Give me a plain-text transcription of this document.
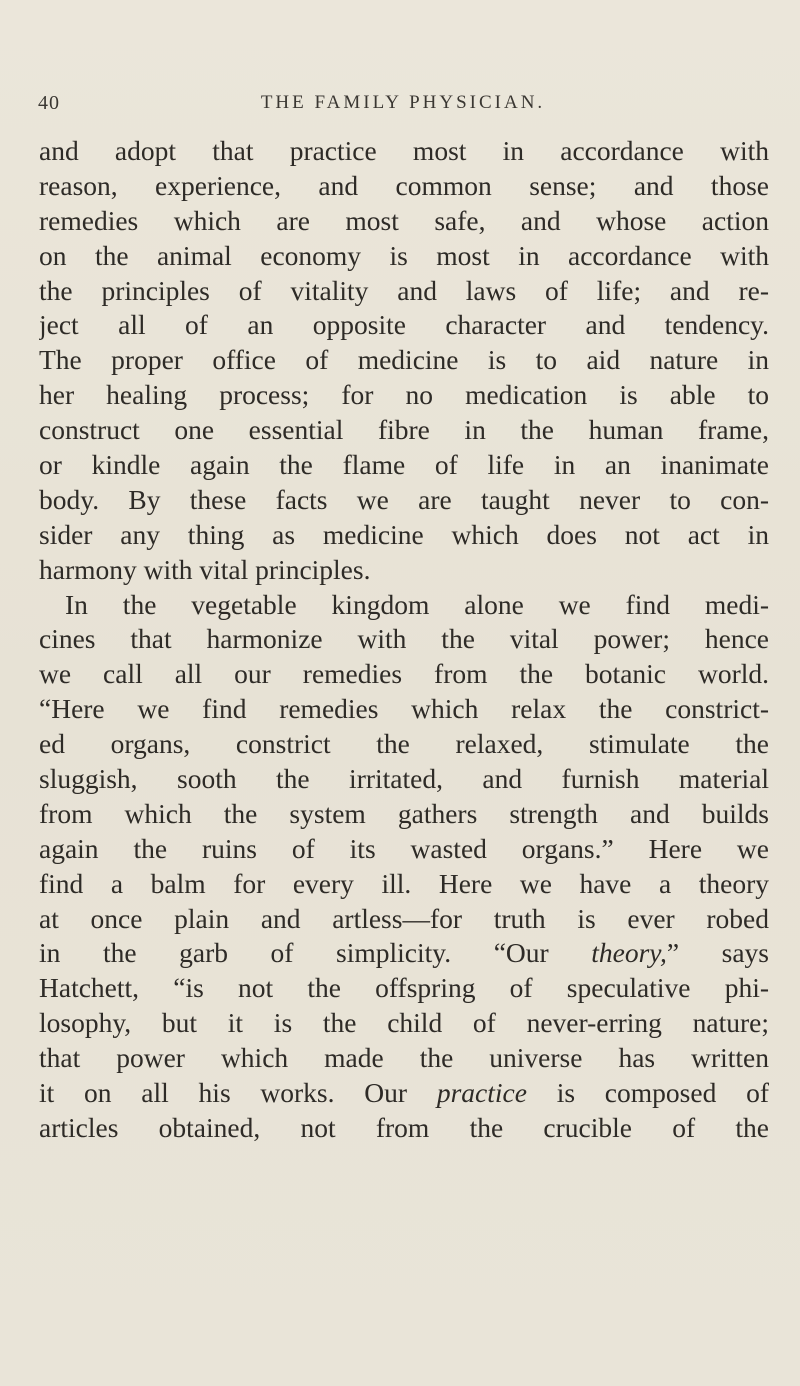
40	THE FAMILY PHYSICIAN.
and adopt that practice most in accordance with
reason, experience, and common sense; and those
remedies which are most safe, and whose action
on the animal economy is most in accordance with
the principles of vitality and laws of life; and re-
ject all of an opposite character and tendency.
The proper office of medicine is to aid nature in
her healing process; for no medication is able to
construct one essential fibre in the human frame,
or kindle again the flame of life in an inanimate
body. By these facts we are taught never to con-
sider any thing as medicine which does not act in
harmony with vital principles.
In the vegetable kingdom alone we find medi-
cines that harmonize with the vital power; hence
we call all our remedies from the botanic world.
“Here we find remedies which relax the constrict-
ed organs, constrict the relaxed, stimulate the
sluggish, sooth the irritated, and furnish material
from which the system gathers strength and builds
again the ruins of its wasted organs.” Here we
find a balm for every ill. Here we have a theory
at once plain and artless—for truth is ever robed
in the garb of simplicity. “Our theory,” says
Hatchett, “is not the offspring of speculative phi-
losophy, but it is the child of never-erring nature;
that power which made the universe has written
it on all his works. Our practice is composed of
articles obtained, not from the crucible of the
